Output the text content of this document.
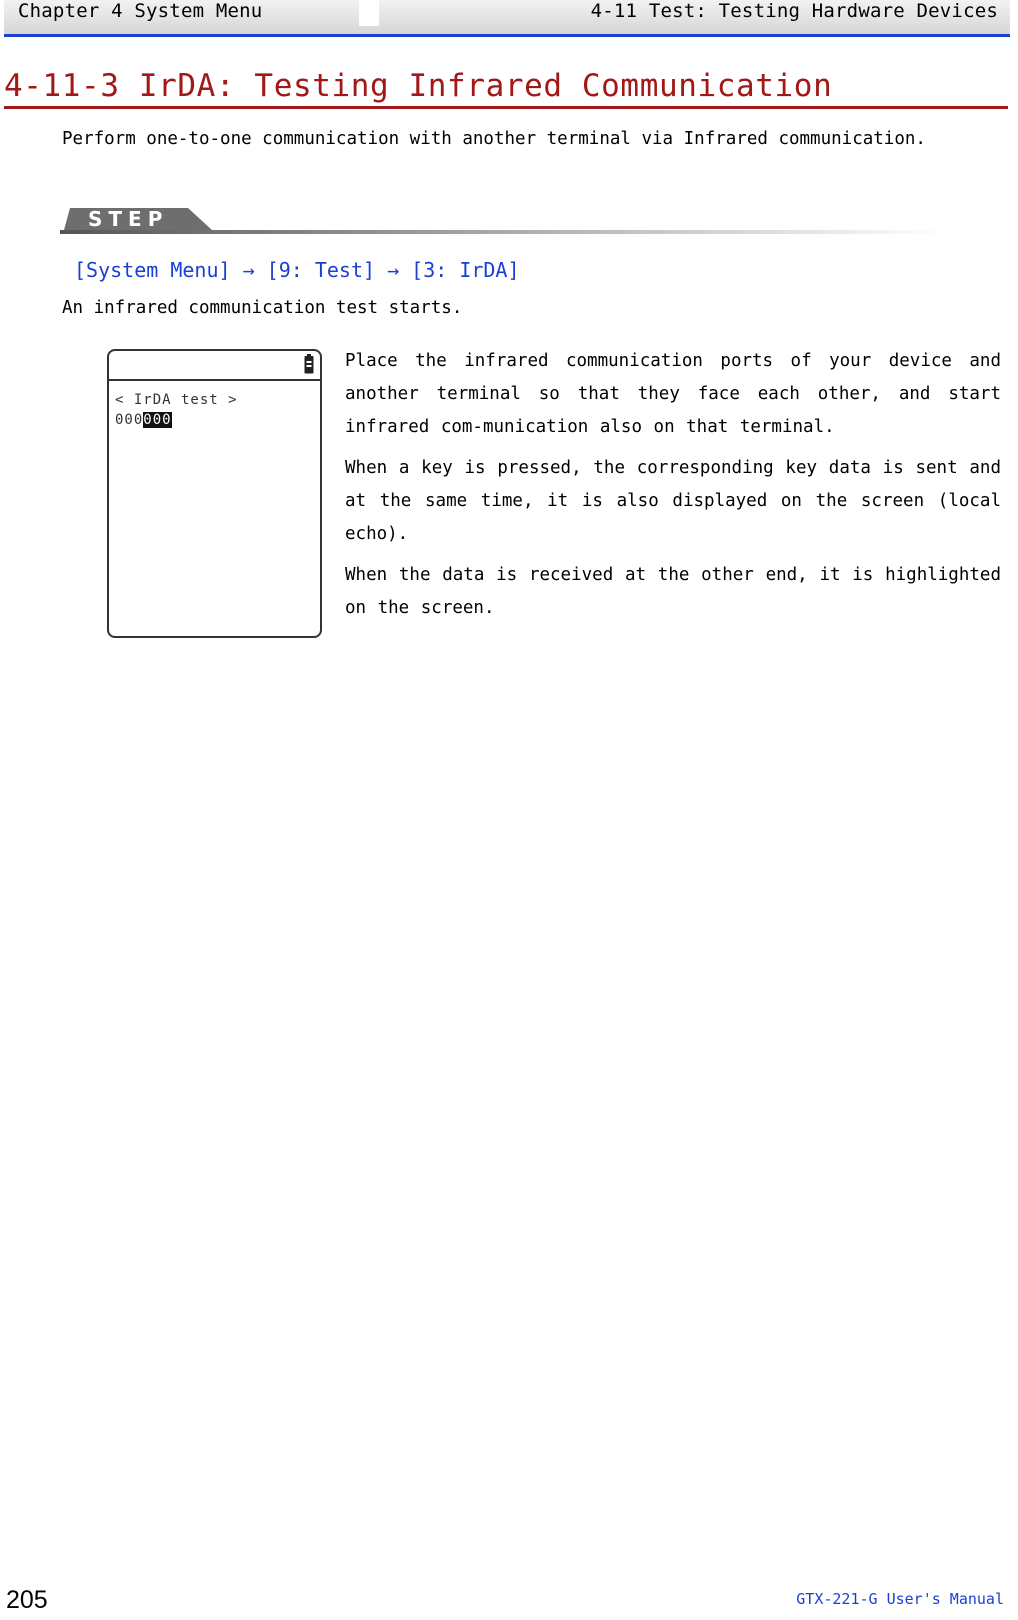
Chapter 4 System Menu	4-11 Test: Testing Hardware Devices
4-11-3 IrDA: Testing Infrared Communication
Perform one-to-one communication with another terminal via Infrared communication.
STEP
[System Menu] → [9: Test] → [3: IrDA]
An infrared communication test starts.
< IrDA test >
000000

Place the infrared communication ports of your device and another terminal so that they face each other, and start infrared com-munication also on that terminal.

When a key is pressed, the corresponding key data is sent and at the same time, it is also displayed on the screen (local echo).

When the data is received at the other end, it is highlighted on the screen.

205	GTX-221-G User's Manual
